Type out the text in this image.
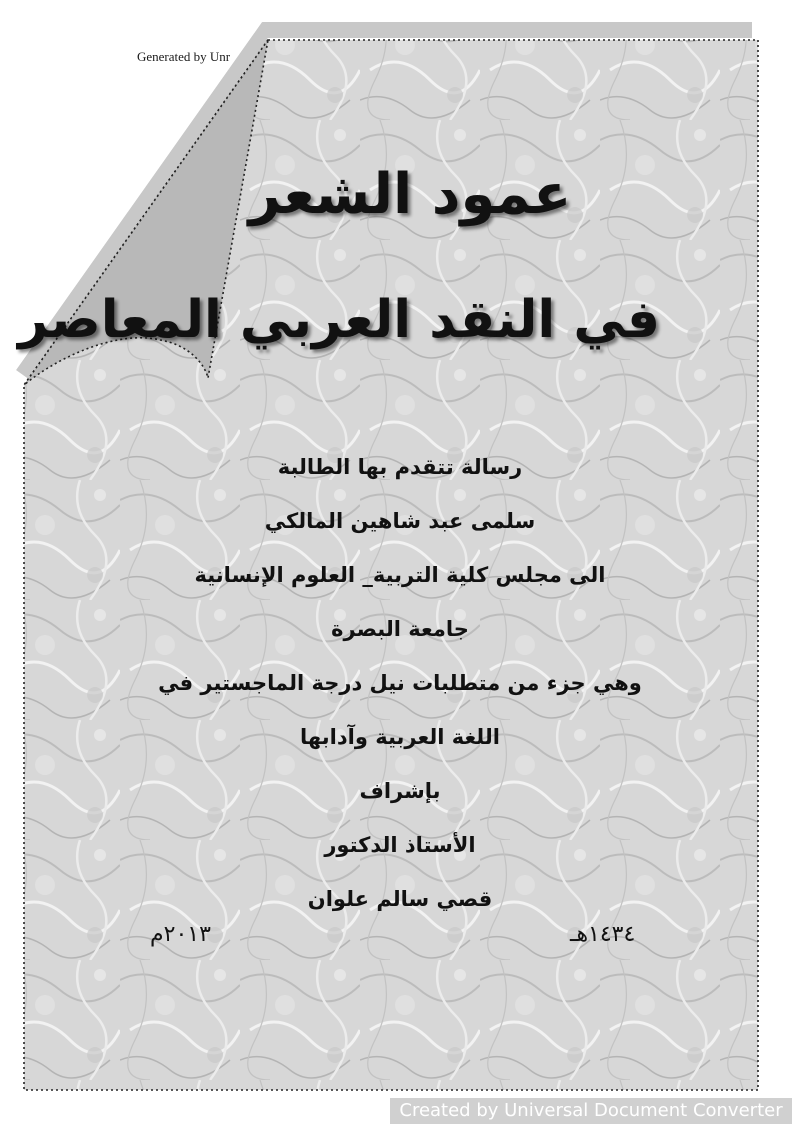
Generated by Unr
عمود الشعر
في النقد العربي المعاصر
رسالة تتقدم بها الطالبة
سلمى عبد شاهين المالكي
الى مجلس كلية التربية_ العلوم الإنسانية
جامعة البصرة
وهي جزء من متطلبات نيل درجة الماجستير في
اللغة العربية وآدابها
بإشراف
الأستاذ الدكتور
قصي سالم علوان
١٤٣٤هـ
٢٠١٣م
Created by Universal Document Converter
